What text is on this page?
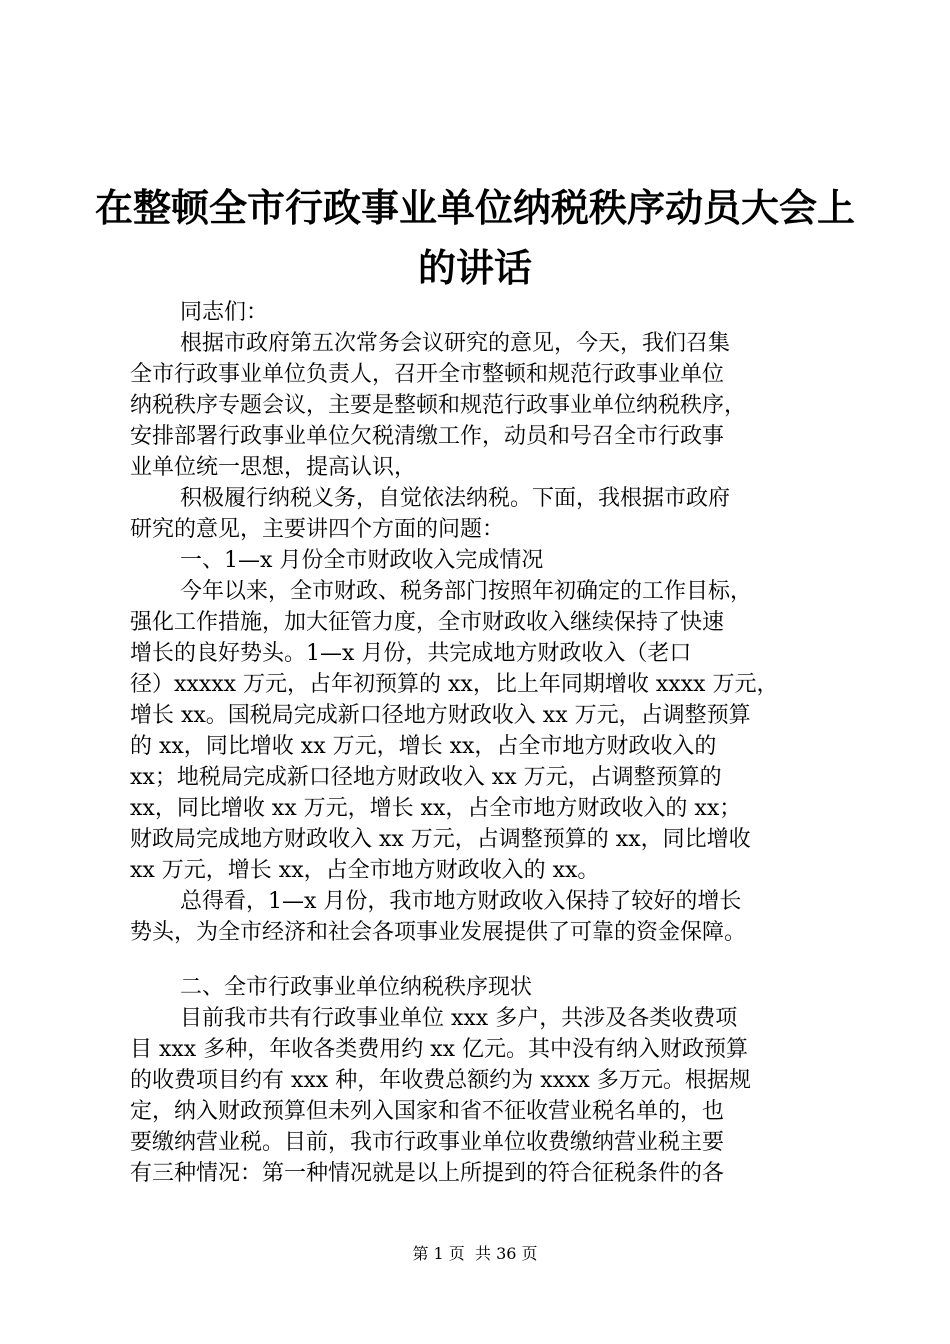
在整顿全市行政事业单位纳税秩序动员大会上
的讲话

同志们：

根据市政府第五次常务会议研究的意见，今天，我们召集

全市行政事业单位负责人，召开全市整顿和规范行政事业单位

纳税秩序专题会议，主要是整顿和规范行政事业单位纳税秩序，

安排部署行政事业单位欠税清缴工作，动员和号召全市行政事

业单位统一思想，提高认识，

积极履行纳税义务，自觉依法纳税。下面，我根据市政府

研究的意见，主要讲四个方面的问题：

一、1—x 月份全市财政收入完成情况

今年以来，全市财政、税务部门按照年初确定的工作目标，

强化工作措施，加大征管力度，全市财政收入继续保持了快速

增长的良好势头。1—x 月份，共完成地方财政收入（老口

径）xxxxx 万元，占年初预算的 xx，比上年同期增收 xxxx 万元，

增长 xx。国税局完成新口径地方财政收入 xx 万元，占调整预算

的 xx，同比增收 xx 万元，增长 xx，占全市地方财政收入的

xx；地税局完成新口径地方财政收入 xx 万元，占调整预算的

xx，同比增收 xx 万元，增长 xx，占全市地方财政收入的 xx；

财政局完成地方财政收入 xx 万元，占调整预算的 xx，同比增收

xx 万元，增长 xx，占全市地方财政收入的 xx。

总得看，1—x 月份，我市地方财政收入保持了较好的增长

势头，为全市经济和社会各项事业发展提供了可靠的资金保障。

二、全市行政事业单位纳税秩序现状

目前我市共有行政事业单位 xxx 多户，共涉及各类收费项

目 xxx 多种，年收各类费用约 xx 亿元。其中没有纳入财政预算

的收费项目约有 xxx 种，年收费总额约为 xxxx 多万元。根据规

定，纳入财政预算但未列入国家和省不征收营业税名单的，也

要缴纳营业税。目前，我市行政事业单位收费缴纳营业税主要

有三种情况：第一种情况就是以上所提到的符合征税条件的各

第 1 页 共 36 页
